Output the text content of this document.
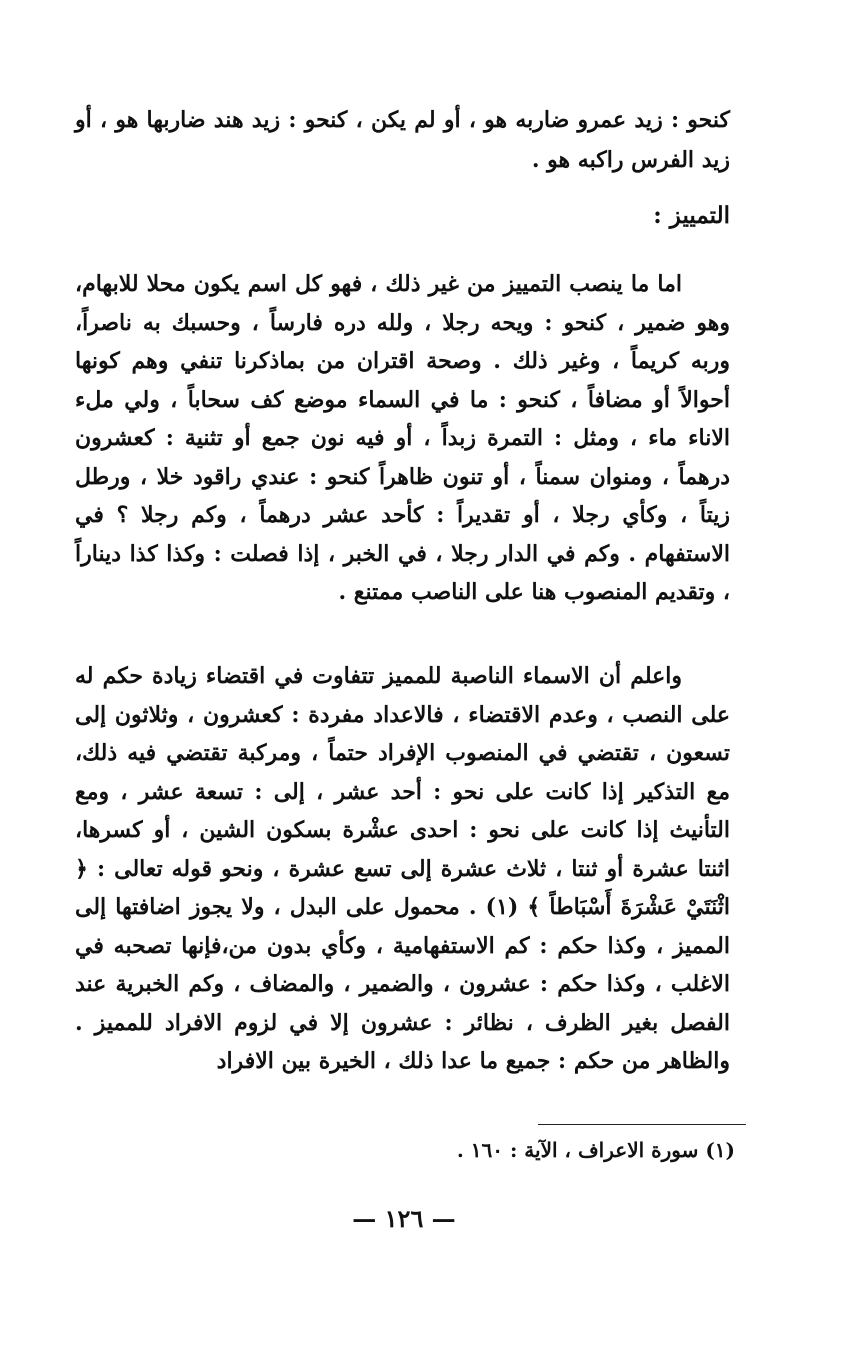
كنحو : زيد عمرو ضاربه هو ، أو لم يكن ، كنحو : زيد هند ضاربها هو ، أو زيد الفرس راكبه هو .

التمييز :

اما ما ينصب التمييز من غير ذلك ، فهو كل اسم يكون محلا للابهام، وهو ضمير ، كنحو : ويحه رجلا ، ولله دره فارساً ، وحسبك به ناصراً، وربه كريماً ، وغير ذلك . وصحة اقتران من بماذكرنا تنفي وهم كونها أحوالاً أو مضافاً ، كنحو : ما في السماء موضع كف سحاباً ، ولي ملء الاناء ماء ، ومثل : التمرة زبداً ، أو فيه نون جمع أو تثنية : كعشرون درهماً ، ومنوان سمناً ، أو تنون ظاهراً كنحو : عندي راقود خلا ، ورطل زيتاً ، وكأي رجلا ، أو تقديراً : كأحد عشر درهماً ، وكم رجلا ؟ في الاستفهام . وكم في الدار رجلا ، في الخبر ، إذا فصلت : وكذا كذا ديناراً ، وتقديم المنصوب هنا على الناصب ممتنع .

واعلم أن الاسماء الناصبة للمميز تتفاوت في اقتضاء زيادة حكم له على النصب ، وعدم الاقتضاء ، فالاعداد مفردة : كعشرون ، وثلاثون إلى تسعون ، تقتضي في المنصوب الإفراد حتماً ، ومركبة تقتضي فيه ذلك، مع التذكير إذا كانت على نحو : أحد عشر ، إلى : تسعة عشر ، ومع التأنيث إذا كانت على نحو : احدى عشْرة بسكون الشين ، أو كسرها، اثنتا عشرة أو ثنتا ، ثلاث عشرة إلى تسع عشرة ، ونحو قوله تعالى : ﴿ اثْنَتَيْ عَشْرَةَ أَسْبَاطاً ﴾ (١) . محمول على البدل ، ولا يجوز اضافتها إلى المميز ، وكذا حكم : كم الاستفهامية ، وكأي بدون من،فإنها تصحبه في الاغلب ، وكذا حكم : عشرون ، والضمير ، والمضاف ، وكم الخبرية عند الفصل بغير الظرف ، نظائر : عشرون إلا في لزوم الافراد للمميز . والظاهر من حكم : جميع ما عدا ذلك ، الخيرة بين الافراد

(١) سورة الاعراف ، الآية : ١٦٠ .
— ١٢٦ —
